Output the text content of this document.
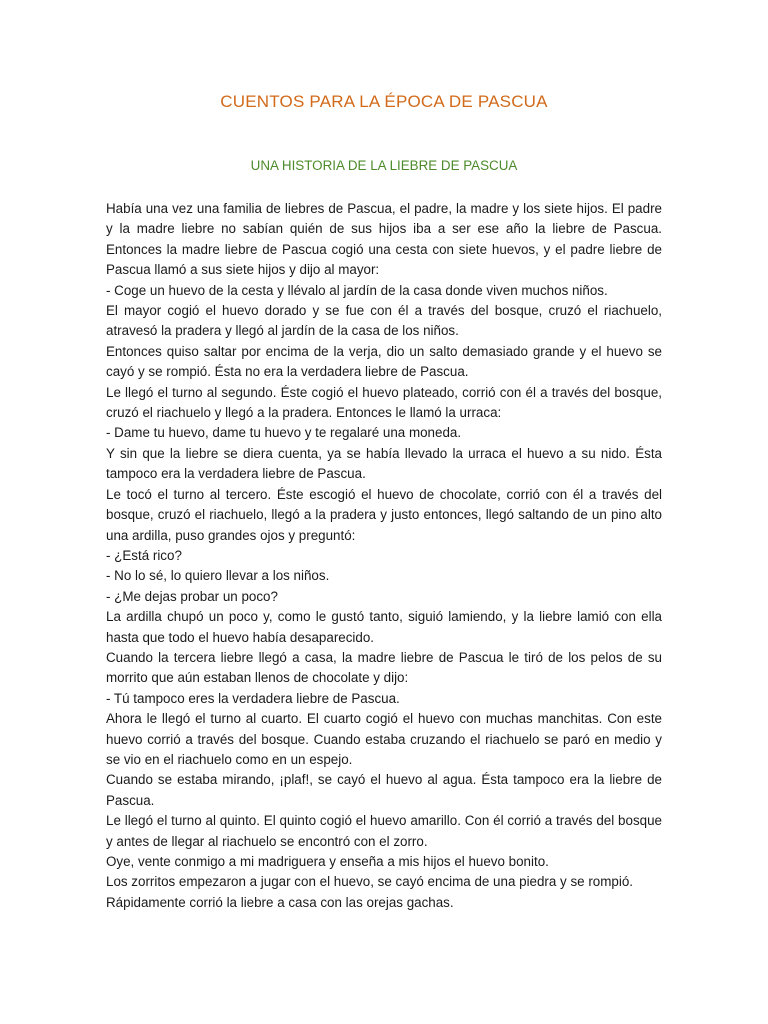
CUENTOS PARA LA ÉPOCA DE PASCUA
UNA HISTORIA DE LA LIEBRE DE PASCUA

Había una vez una familia de liebres de Pascua, el padre, la madre y los siete hijos. El padre y la madre liebre no sabían quién de sus hijos iba a ser ese año la liebre de Pascua. Entonces la madre liebre de Pascua cogió una cesta con siete huevos, y el padre liebre de Pascua llamó a sus siete hijos y dijo al mayor:

- Coge un huevo de la cesta y llévalo al jardín de la casa donde viven muchos niños.

El mayor cogió el huevo dorado y se fue con él a través del bosque, cruzó el riachuelo, atravesó la pradera y llegó al jardín de la casa de los niños.

Entonces quiso saltar por encima de la verja, dio un salto demasiado grande y el huevo se cayó y se rompió. Ésta no era la verdadera liebre de Pascua.

Le llegó el turno al segundo. Éste cogió el huevo plateado, corrió con él a través del bosque, cruzó el riachuelo y llegó a la pradera. Entonces le llamó la urraca:

- Dame tu huevo, dame tu huevo y te regalaré una moneda.

Y sin que la liebre se diera cuenta, ya se había llevado la urraca el huevo a su nido. Ésta tampoco era la verdadera liebre de Pascua.

Le tocó el turno al tercero. Éste escogió el huevo de chocolate, corrió con él a través del bosque, cruzó el riachuelo, llegó a la pradera y justo entonces, llegó saltando de un pino alto una ardilla, puso grandes ojos y preguntó:

- ¿Está rico?

- No lo sé, lo quiero llevar a los niños.

- ¿Me dejas probar un poco?

La ardilla chupó un poco y, como le gustó tanto, siguió lamiendo, y la liebre lamió con ella hasta que todo el huevo había desaparecido.

Cuando la tercera liebre llegó a casa, la madre liebre de Pascua le tiró de los pelos de su morrito que aún estaban llenos de chocolate y dijo:

- Tú tampoco eres la verdadera liebre de Pascua.

Ahora le llegó el turno al cuarto. El cuarto cogió el huevo con muchas manchitas. Con este huevo corrió a través del bosque. Cuando estaba cruzando el riachuelo se paró en medio y se vio en el riachuelo como en un espejo.

Cuando se estaba mirando, ¡plaf!, se cayó el huevo al agua. Ésta tampoco era la liebre de Pascua.

Le llegó el turno al quinto. El quinto cogió el huevo amarillo. Con él corrió a través del bosque y antes de llegar al riachuelo se encontró con el zorro.

Oye, vente conmigo a mi madriguera y enseña a mis hijos el huevo bonito.

Los zorritos empezaron a jugar con el huevo, se cayó encima de una piedra y se rompió.

Rápidamente corrió la liebre a casa con las orejas gachas.
